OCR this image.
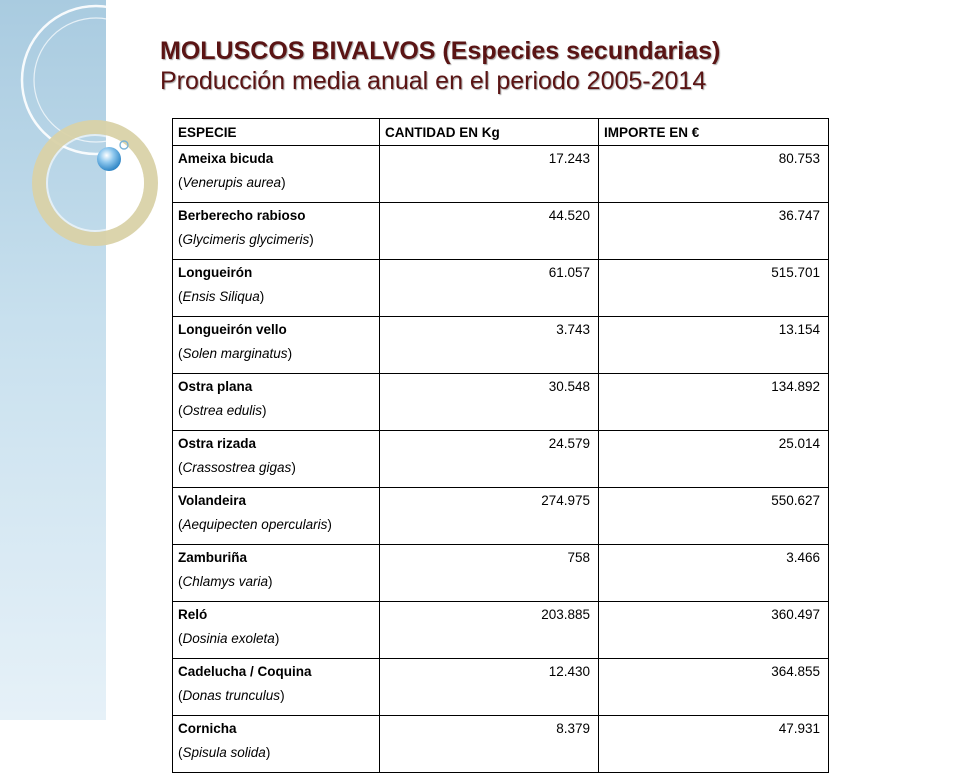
MOLUSCOS BIVALVOS (Especies secundarias)
Producción media anual en el periodo 2005-2014
ESPECIE	CANTIDAD EN Kg	IMPORTE EN €

Ameixa bicuda
(Venerupis aurea)	17.243	80.753

Berberecho rabioso
(Glycimeris glycimeris)	44.520	36.747

Longueirón
(Ensis Siliqua)	61.057	515.701

Longueirón vello
(Solen marginatus)	3.743	13.154

Ostra plana
(Ostrea edulis)	30.548	134.892

Ostra rizada
(Crassostrea gigas)	24.579	25.014

Volandeira
(Aequipecten opercularis)	274.975	550.627

Zamburiña
(Chlamys varia)	758	3.466

Reló
(Dosinia exoleta)	203.885	360.497

Cadelucha / Coquina
(Donas trunculus)	12.430	364.855

Cornicha
(Spisula solida)	8.379	47.931
